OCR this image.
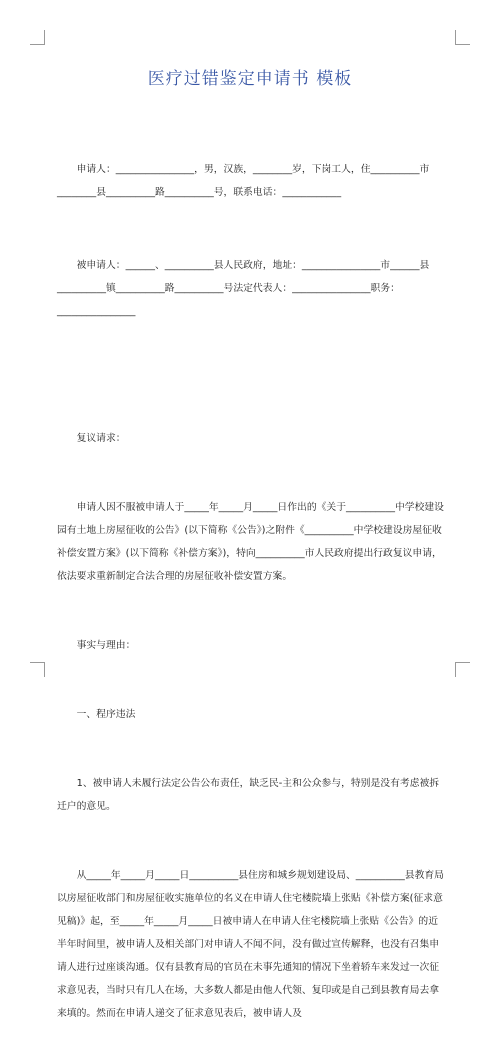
医疗过错鉴定申请书 模板

　　申请人：________________，男，汉族，________岁，下岗工人，住__________市________县__________路__________号，联系电话：____________

　　被申请人：______、__________县人民政府，地址：________________市______县__________镇__________路__________号法定代表人：________________职务：________________

　　复议请求：

　　申请人因不服被申请人于_____年_____月_____日作出的《关于__________中学校建设园有土地上房屋征收的公告》(以下简称《公告》)之附件《__________中学校建设房屋征收补偿安置方案》(以下简称《补偿方案》)，特向__________市人民政府提出行政复议申请，依法要求重新制定合法合理的房屋征收补偿安置方案。

　　事实与理由：

　　一、程序违法

　　1、被申请人未履行法定公告公布责任，缺乏民-主和公众参与，特别是没有考虑被拆迁户的意见。

　　从_____年_____月_____日__________县住房和城乡规划建设局、__________县教育局以房屋征收部门和房屋征收实施单位的名义在申请人住宅楼院墙上张贴《补偿方案(征求意见稿)》起，至_____年_____月_____日被申请人在申请人住宅楼院墙上张贴《公告》的近半年时间里，被申请人及相关部门对申请人不闻不问，没有做过宣传解释，也没有召集申请人进行过座谈沟通。仅有县教育局的官员在未事先通知的情况下坐着轿车来发过一次征求意见表，当时只有几人在场，大多数人都是由他人代领、复印或是自己到县教育局去拿来填的。然而在申请人递交了征求意见表后，被申请人及
